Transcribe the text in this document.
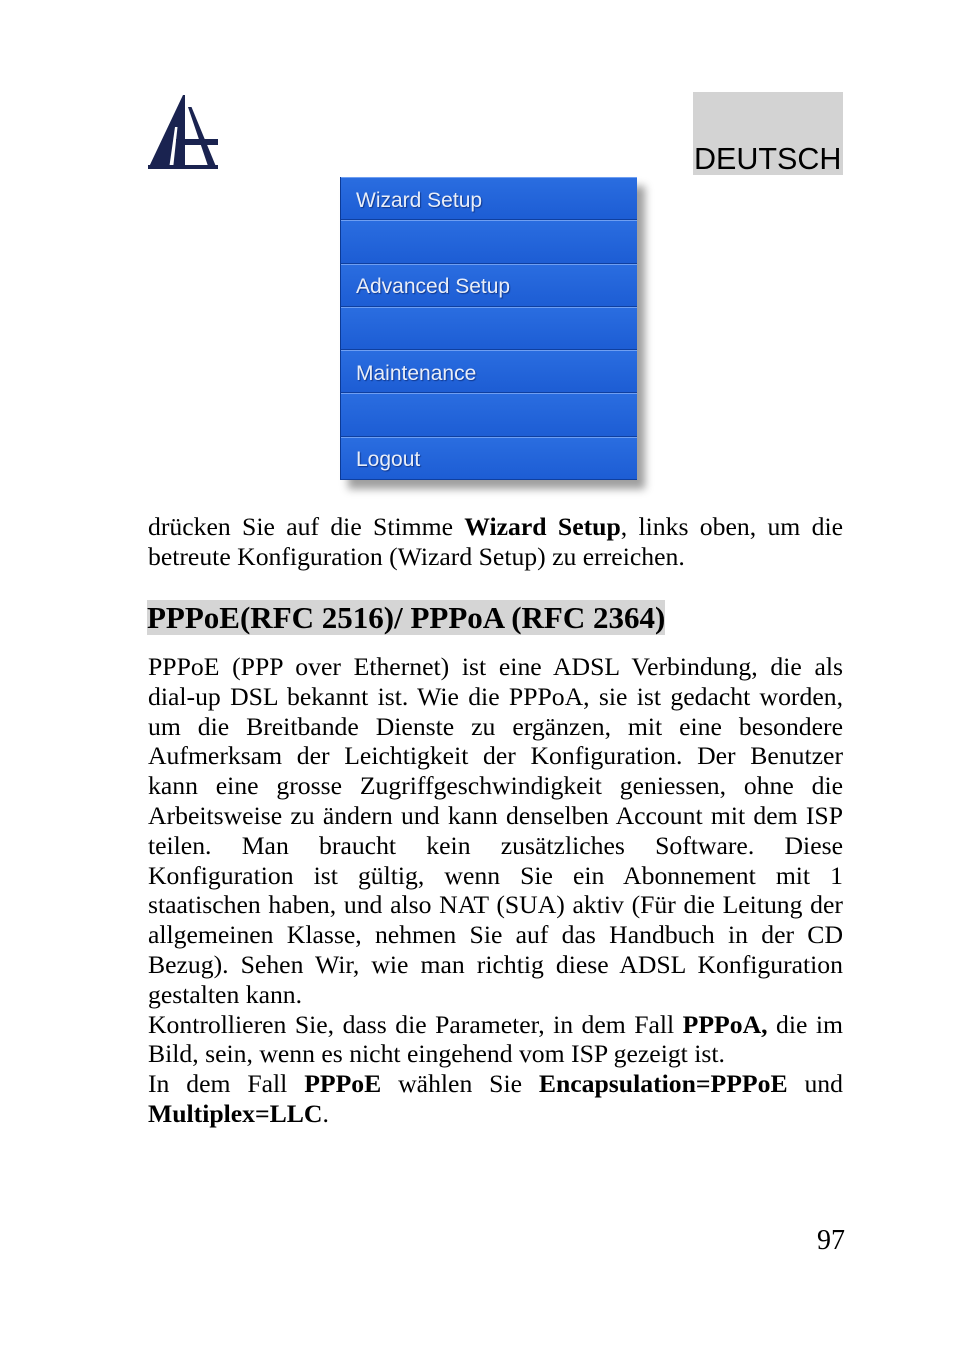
DEUTSCH
Wizard Setup
Advanced Setup
Maintenance
Logout
drücken Sie auf die Stimme Wizard Setup, links oben, um die
betreute Konfiguration (Wizard Setup) zu erreichen.
PPPoE(RFC 2516)/ PPPoA (RFC 2364)
PPPoE (PPP over Ethernet) ist eine ADSL Verbindung, die als
dial-up DSL bekannt ist. Wie die PPPoA, sie ist gedacht worden,
um die Breitbande Dienste zu ergänzen, mit eine besondere
Aufmerksam der Leichtigkeit der Konfiguration. Der Benutzer
kann eine grosse Zugriffgeschwindigkeit geniessen, ohne die
Arbeitsweise zu ändern und kann denselben Account mit dem ISP
teilen. Man braucht kein zusätzliches Software. Diese
Konfiguration ist gültig, wenn Sie ein Abonnement mit 1
staatischen haben, und also NAT (SUA) aktiv (Für die Leitung der
allgemeinen Klasse, nehmen Sie auf das Handbuch in der CD
Bezug). Sehen Wir, wie man richtig diese ADSL Konfiguration
gestalten kann.
Kontrollieren Sie, dass die Parameter, in dem Fall PPPoA, die im
Bild, sein, wenn es nicht eingehend vom ISP gezeigt ist.
In dem Fall PPPoE wählen Sie Encapsulation=PPPoE und
Multiplex=LLC.
97
